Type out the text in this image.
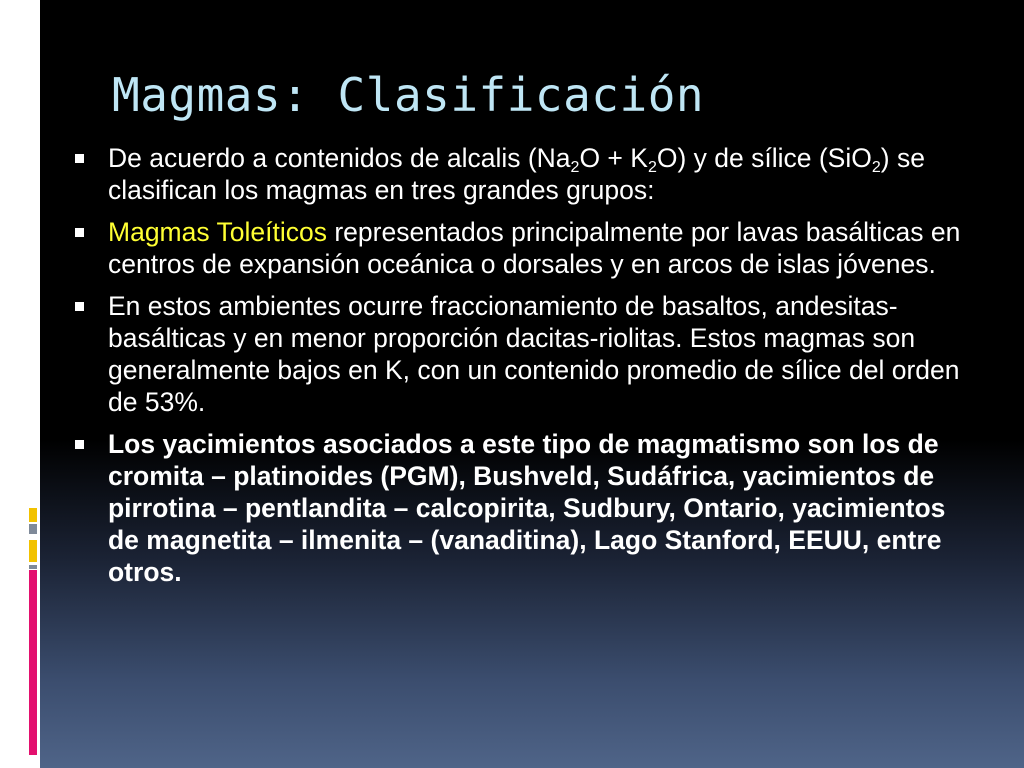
Magmas: Clasificación
De acuerdo a contenidos de alcalis $(Na_2O + K_2O)$ y de sílice (SiO$_2$) se clasifican los magmas en tres grandes grupos:
Magmas Toleíticos representados principalmente por lavas basálticas en centros de expansión oceánica o dorsales y en arcos de islas jóvenes.
En estos ambientes ocurre fraccionamiento de basaltos, andesitas-basálticas y en menor proporción dacitas-riolitas. Estos magmas son generalmente bajos en K, con un contenido promedio de sílice del orden de 53%.
Los yacimientos asociados a este tipo de magmatismo son los de cromita – platinoides (PGM), Bushveld, Sudáfrica, yacimientos de pirrotina – pentlandita – calcopirita, Sudbury, Ontario, yacimientos de magnetita – ilmenita – (vanaditina), Lago Stanford, EEUU, entre otros.
